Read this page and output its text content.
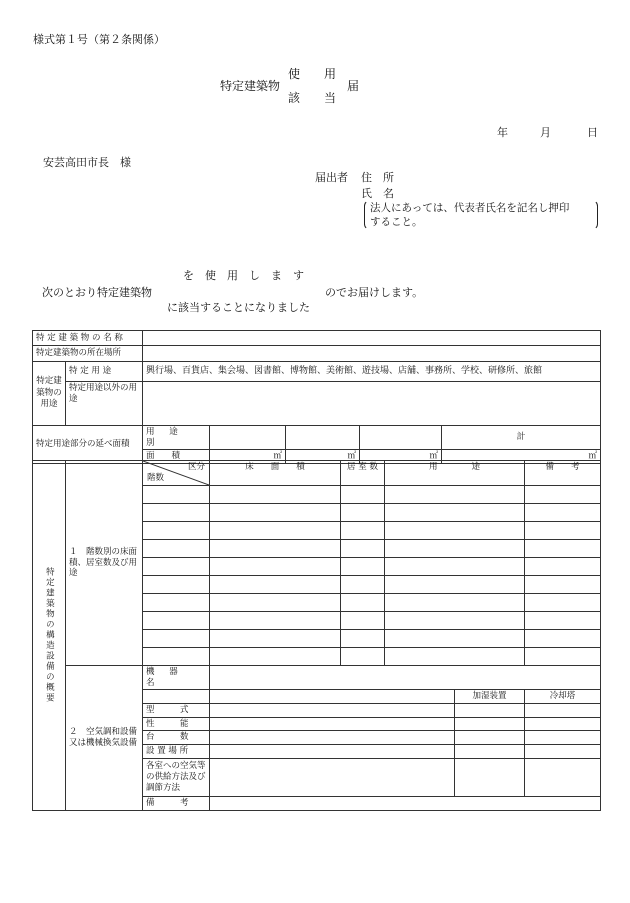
様式第１号（第２条関係）
特定建築物
使　　用
該　　当
届
年	月	日
安芸高田市長　様
届出者 住　所
氏　名
法人にあっては、代表者氏名を記名し押印
すること。
を　使　用　し　ま　す
次のとおり特定建築物	のでお届けします。
に該当することになりました
特 定 建 築 物 の 名 称						
特定建築物の所在場所						

特定建築物の用途	特 定 用 途	興行場、百貨店、集会場、図書館、博物館、美術館、遊技場、店舗、事務所、学校、研修所、旅館				
	特定用途以外の用途					
特定用途部分の延べ面積		用 途 別				計
		面　　積	㎡	㎡	㎡	㎡
特定建築物の構造設備の概要	１　階数別の床面積、居室数及び用途	区分
階数	床　　面　　積	居 室 数	用　　　　途		備　　考

	２　空気調和設備又は機械換気設備	機 器 名					
						加湿装置	冷却塔
		型　　　式					
		性　　　能					
		台　　　数					
		設 置 場 所					
		各室への空気等の供給方法及び調節方法					
		備　　　考					
